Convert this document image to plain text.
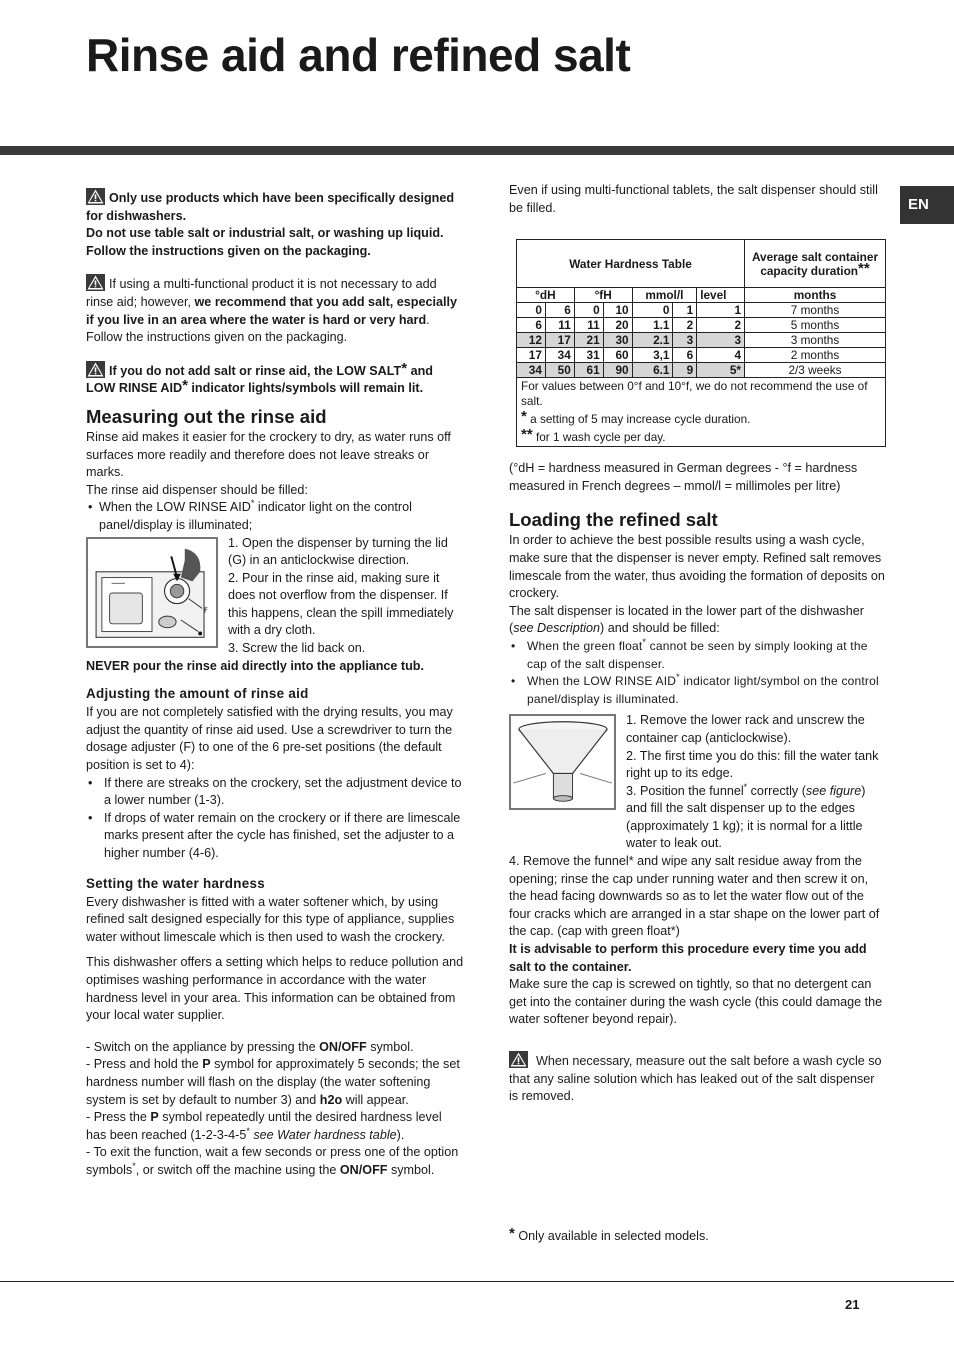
Rinse aid and refined salt
EN

Only use products which have been specifically designed for dishwashers.

Do not use table salt or industrial salt, or washing up liquid.

Follow the instructions given on the packaging.

If using a multi-functional product it is not necessary to add rinse aid; however, we recommend that you add salt, especially if you live in an area where the water is hard or very hard. Follow the instructions given on the packaging.

If you do not add salt or rinse aid, the LOW SALT* and LOW RINSE AID* indicator lights/symbols will remain lit.

Measuring out the rinse aid

Rinse aid makes it easier for the crockery to dry, as water runs off surfaces more readily and therefore does not leave streaks or marks.

The rinse aid dispenser should be filled:

• When the LOW RINSE AID* indicator light on the control panel/display is illuminated;
F

1. Open the dispenser by turning the lid (G) in an anticlockwise direction.

2. Pour in the rinse aid, making sure it does not overflow from the dispenser. If this happens, clean the spill immediately with a dry cloth.

3. Screw the lid back on.

NEVER pour the rinse aid directly into the appliance tub.

Adjusting the amount of rinse aid

If you are not completely satisfied with the drying results, you may adjust the quantity of rinse aid used. Use a screwdriver to turn the dosage adjuster (F) to one of the 6 pre-set positions (the default position is set to 4):

• If there are streaks on the crockery, set the adjustment device to a lower number (1-3).
• If drops of water remain on the crockery or if there are limescale marks present after the cycle has finished, set the adjuster to a higher number (4-6).
Setting the water hardness

Every dishwasher is fitted with a water softener which, by using refined salt designed especially for this type of appliance, supplies water without limescale which is then used to wash the crockery.

This dishwasher offers a setting which helps to reduce pollution and optimises washing performance in accordance with the water hardness level in your area. This information can be obtained from your local water supplier.

- Switch on the appliance by pressing the ON/OFF symbol.

- Press and hold the P symbol for approximately 5 seconds; the set hardness number will flash on the display (the water softening system is set by default to number 3) and h2o will appear.

- Press the P symbol repeatedly until the desired hardness level has been reached (1-2-3-4-5* see Water hardness table).

- To exit the function, wait a few seconds or press one of the option symbols*, or switch off the machine using the ON/OFF symbol.

Even if using multi-functional tablets, the salt dispenser should still be filled.

Water Hardness Table							Average salt container capacity duration**
°dH		°fH		mmol/l		level	months
0	6	0	10	0	1	1	7 months
6	11	11	20	1.1	2	2	5 months
12	17	21	30	2.1	3	3	3 months
17	34	31	60	3,1	6	4	2 months
34	50	61	90	6.1	9	5*	2/3 weeks

For values between 0°f and 10°f, we do not recommend the use of salt.

* a setting of 5 may increase cycle duration.

** for 1 wash cycle per day.							

(°dH = hardness measured in German degrees - °f = hardness measured in French degrees – mmol/l = millimoles per litre)

Loading the refined salt

In order to achieve the best possible results using a wash cycle, make sure that the dispenser is never empty. Refined salt removes limescale from the water, thus avoiding the formation of deposits on crockery.

The salt dispenser is located in the lower part of the dishwasher (see Description) and should be filled:

• When the green float* cannot be seen by simply looking at the cap of the salt dispenser.
• When the LOW RINSE AID* indicator light/symbol on the control panel/display is illuminated.

1. Remove the lower rack and unscrew the container cap (anticlockwise).

2. The first time you do this: fill the water tank right up to its edge.

3. Position the funnel* correctly (see figure) and fill the salt dispenser up to the edges (approximately 1 kg); it is normal for a little water to leak out.

4. Remove the funnel* and wipe any salt residue away from the opening; rinse the cap under running water and then screw it on, the head facing downwards so as to let the water flow out of the four cracks which are arranged in a star shape on the lower part of the cap. (cap with green float*)

It is advisable to perform this procedure every time you add salt to the container.

Make sure the cap is screwed on tightly, so that no detergent can get into the container during the wash cycle (this could damage the water softener beyond repair).

When necessary, measure out the salt before a wash cycle so that any saline solution which has leaked out of the salt dispenser is removed.

* Only available in selected models.

21
